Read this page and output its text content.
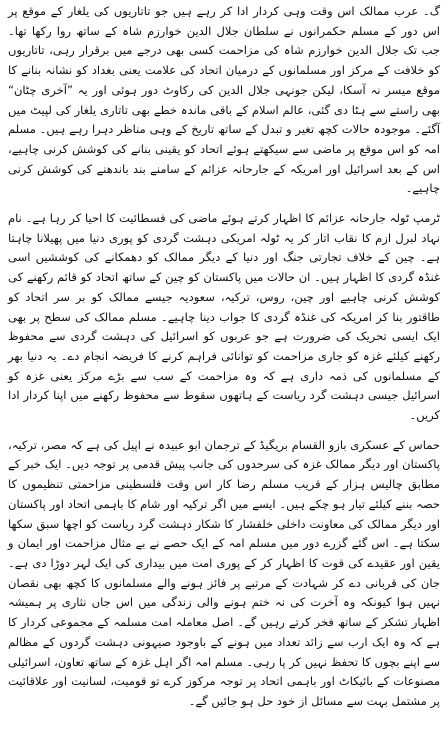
گ۔ عرب ممالک اس وقت وہی کردار ادا کر رہے ہیں جو تاتاریوں کی یلغار کے موقع پر اس دور کے مسلم حکمرانوں نے سلطان جلال الدین خوارزم شاہ کے ساتھ روا رکھا تھا۔ جب تک جلال الدین خوارزم شاہ کی مزاحمت کسی بھی درجے میں برقرار رہی، تاتاریوں کو خلافت کے مرکز اور مسلمانوں کے درمیان اتحاد کی علامت یعنی بغداد کو نشانہ بنانے کا موقع میسر نہ آسکا، لیکن جونہی جلال الدین کی رکاوٹ دور ہوئی اور یہ ”آخری چٹان“ بھی راستے سے ہٹا دی گئی، عالم اسلام کے باقی ماندہ خطے بھی تاتاری یلغار کی لپیٹ میں آگئے۔ موجودہ حالات کچھ تغیر و تبدل کے ساتھ تاریخ کے وہی مناظر دہرا رہے ہیں۔ مسلم امہ کو اس موقع پر ماضی سے سیکھتے ہوئے اتحاد کو یقینی بنانے کی کوشش کرنی چاہیے، اس کے بعد اسرائیل اور امریکہ کے جارحانہ عزائم کے سامنے بند باندھنے کی کوشش کرنی چاہیے۔

ٹرمپ ٹولہ جارحانہ عزائم کا اظہار کرتے ہوئے ماضی کی فسطائیت کا احیا کر رہا ہے۔ نام نہاد لبرل ازم کا نقاب اتار کر یہ ٹولہ امریکی دہشت گردی کو پوری دنیا میں پھیلانا چاہتا ہے۔ چین کے خلاف تجارتی جنگ اور دنیا کے دیگر ممالک کو دھمکانے کی کوششیں اسی غنڈہ گردی کا اظہار ہیں۔ ان حالات میں پاکستان کو چین کے ساتھ اتحاد کو قائم رکھنے کی کوشش کرنی چاہیے اور چین، روس، ترکیہ، سعودیہ جیسے ممالک کو بر سر اتحاد کو طاقتور بنا کر امریکہ کی غنڈہ گردی کا جواب دینا چاہیے۔ مسلم ممالک کی سطح پر بھی ایک ایسی تحریک کی ضرورت ہے جو عربوں کو اسرائیل کی دہشت گردی سے محفوظ رکھنے کیلئے غزہ کو جاری مزاحمت کو توانائی فراہم کرنے کا فریضہ انجام دے۔ یہ دنیا بھر کے مسلمانوں کی ذمہ داری ہے کہ وہ مزاحمت کے سب سے بڑے مرکز یعنی غزہ کو اسرائیل جیسی دہشت گرد ریاست کے ہاتھوں سقوط سے محفوظ رکھنے میں اپنا کردار ادا کریں۔

حماس کے عسکری بازو القسام بریگیڈ کے ترجمان ابو عبیدہ نے اپیل کی ہے کہ مصر، ترکیہ، پاکستان اور دیگر ممالک غزہ کی سرحدوں کی جانب پیش قدمی پر توجہ دیں۔ ایک خبر کے مطابق چالیس ہزار کے قریب مسلم رضا کار اس وقت فلسطینی مزاحمتی تنظیموں کا حصہ بننے کیلئے تیار ہو چکے ہیں۔ ایسے میں اگر ترکیہ اور شام کا باہمی اتحاد اور پاکستان اور دیگر ممالک کی معاونت داخلی خلفشار کا شکار دہشت گرد ریاست کو اچھا سبق سکھا سکتا ہے۔ اس گئے گزرے دور میں مسلم امہ کے ایک حصے نے بے مثال مزاحمت اور ایمان و یقین اور عقیدے کی قوت کا اظہار کر کے پوری امت میں بیداری کی ایک لہر دوڑا دی ہے۔ جان کی قربانی دے کر شہادت کے مرتبے پر فائز ہونے والے مسلمانوں کا کچھ بھی نقصان نہیں ہوا کیونکہ وہ آخرت کی نہ ختم ہونے والی زندگی میں اس جاں نثاری پر ہمیشہ اظہار تشکر کے ساتھ فخر کرتے رہیں گے۔ اصل معاملہ امت مسلمہ کے مجموعی کردار کا ہے کہ وہ ایک ارب سے زائد تعداد میں ہونے کے باوجود صیہونی دہشت گردوں کے مظالم سے اپنے بچوں کا تحفظ نہیں کر پا رہی۔ مسلم امہ اگر اہل غزہ کے ساتھ تعاون، اسرائیلی مصنوعات کے بائیکاٹ اور باہمی اتحاد پر توجہ مرکوز کرے تو قومیت، لسانیت اور علاقائیت پر مشتمل بہت سے مسائل از خود حل ہو جائیں گے۔
